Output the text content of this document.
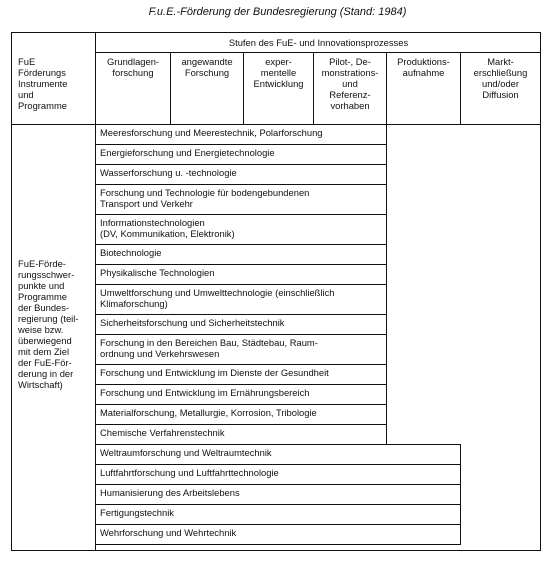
F.u.E.-Förderung der Bundesregierung (Stand: 1984)
FuE
Förderungs
Instrumente
und
Programme
Stufen des FuE- und Innovationsprozesses
Grundlagen-
forschung
angewandte
Forschung
exper-
mentelle
Entwicklung
Pilot-, De-
monstrations-
und
Referenz-
vorhaben
Produktions-
aufnahme
Markt-
erschließung
und/oder
Diffusion
FuE-Förde-
rungsschwer-
punkte und
Programme
der Bundes-
regierung (teil-
weise bzw.
überwiegend
mit dem Ziel
der FuE-För-
derung in der
Wirtschaft)
Meeresforschung und Meerestechnik, Polarforschung
Energieforschung und Energietechnologie
Wasserforschung u. -technologie
Forschung und Technologie für bodengebundenen
Transport und Verkehr
Informationstechnologien
(DV, Kommunikation, Elektronik)
Biotechnologie
Physikalische Technologien
Umweltforschung und Umwelttechnologie (einschließlich
Klimaforschung)
Sicherheitsforschung und Sicherheitstechnik
Forschung in den Bereichen Bau, Städtebau, Raum-
ordnung und Verkehrswesen
Forschung und Entwicklung im Dienste der Gesundheit
Forschung und Entwicklung im Ernährungsbereich
Materialforschung, Metallurgie, Korrosion, Tribologie
Chemische Verfahrenstechnik
Weltraumforschung und Weltraumtechnik
Luftfahrtforschung und Luftfahrttechnologie
Humanisierung des Arbeitslebens
Fertigungstechnik
Wehrforschung und Wehrtechnik
